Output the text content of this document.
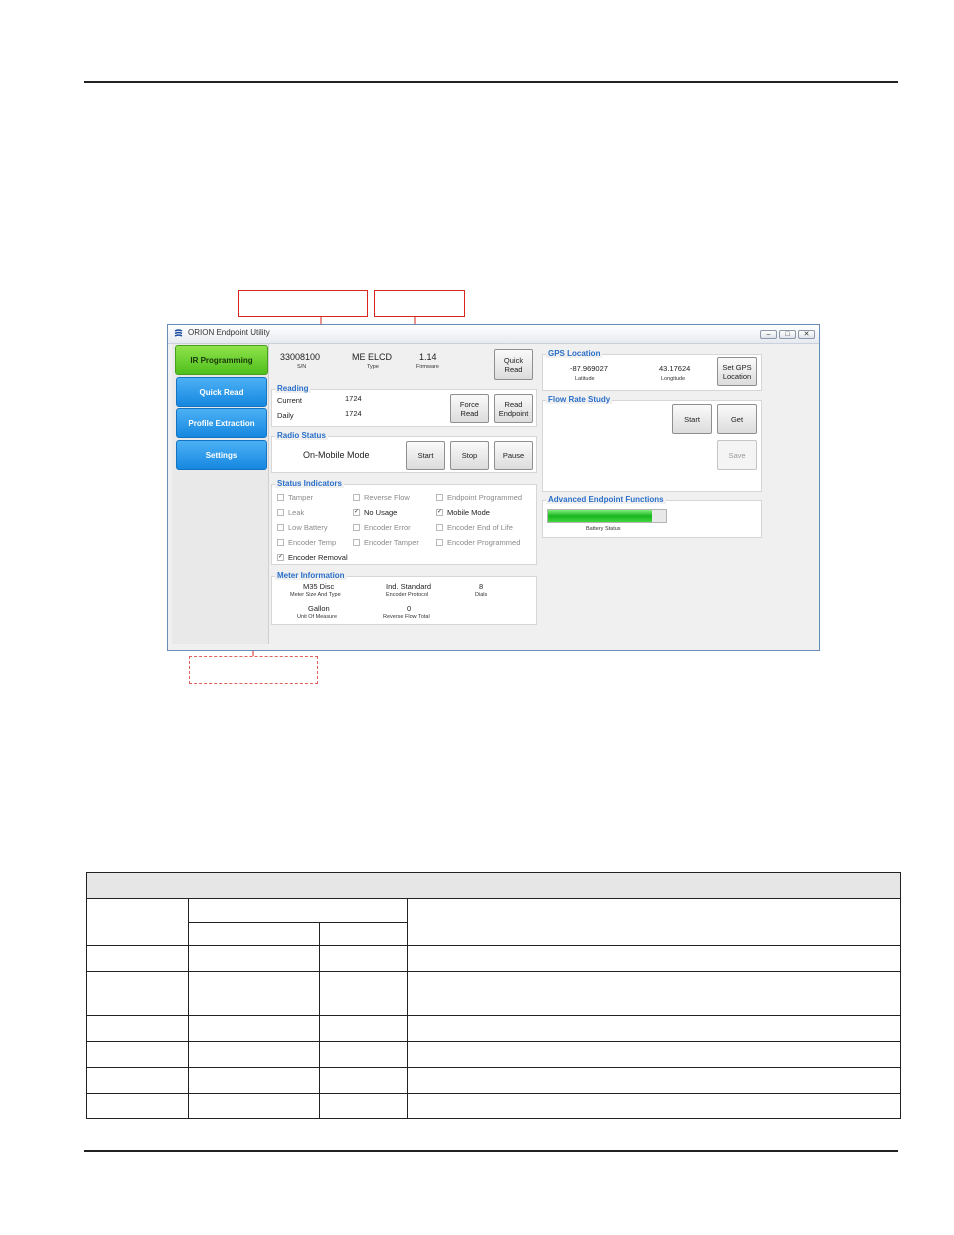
ORION Endpoint Utility	–	□	✕
IR Programming
Quick Read
Profile Extraction
Settings
33008100
S/N
ME ELCD
Type
1.14
Firmware
Quick Read
Reading
Current	1724
Daily	1724
Force Read
Read Endpoint
Radio Status
On-Mobile Mode	Start	Stop	Pause
Status Indicators
Tamper	Reverse Flow	Endpoint Programmed
Leak	✓ No Usage	✓ Mobile Mode
Low Battery	Encoder Error	Encoder End of Life
Encoder Temp	Encoder Tamper	Encoder Programmed
✓ Encoder Removal
Meter Information
M35 Disc
Meter Size And Type
Ind. Standard
Encoder Protocol
8
Dials
Gallon
Unit Of Measure
0
Reverse Flow Total
GPS Location
-87.969027
Latitude
43.17624
Longitude
Set GPS Location
Flow Rate Study
Start	Get
Save
Advanced Endpoint Functions
Battery Status
